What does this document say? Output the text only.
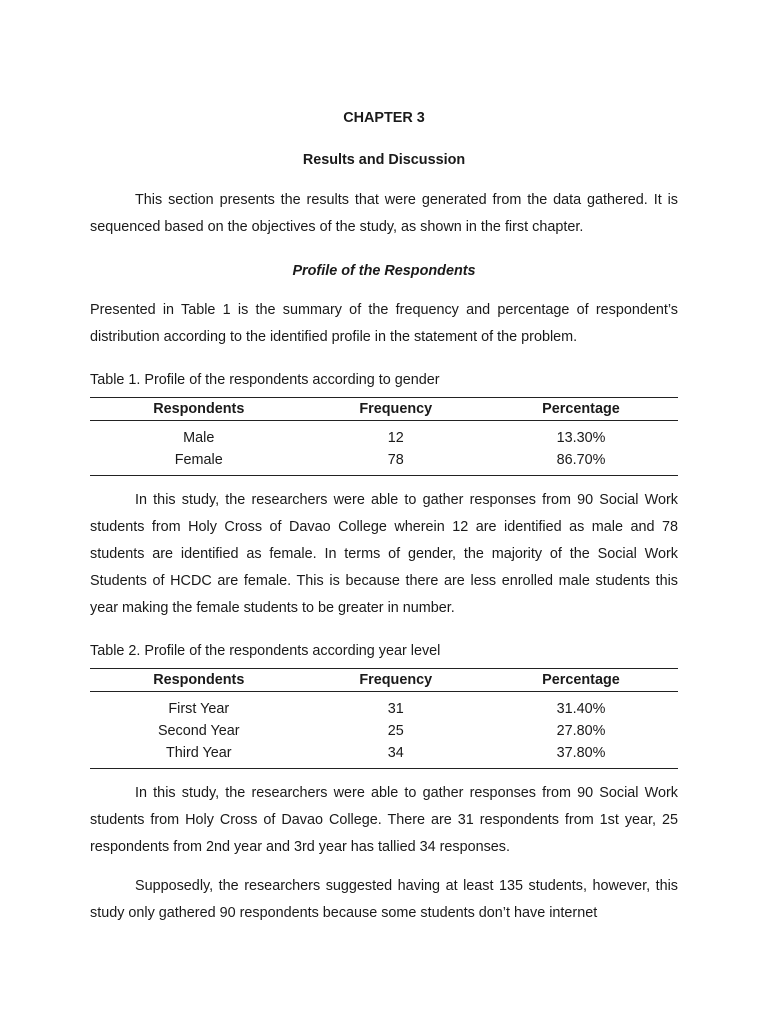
CHAPTER 3
Results and Discussion

This section presents the results that were generated from the data gathered. It is sequenced based on the objectives of the study, as shown in the first chapter.

Profile of the Respondents

Presented in Table 1 is the summary of the frequency and percentage of respondent’s distribution according to the identified profile in the statement of the problem.

Table 1. Profile of the respondents according to gender
Respondents	Frequency	Percentage
Male	12	13.30%
Female	78	86.70%

In this study, the researchers were able to gather responses from 90 Social Work students from Holy Cross of Davao College wherein 12 are identified as male and 78 students are identified as female. In terms of gender, the majority of the Social Work Students of HCDC are female. This is because there are less enrolled male students this year making the female students to be greater in number.

Table 2. Profile of the respondents according year level
Respondents	Frequency	Percentage
First Year	31	31.40%
Second Year	25	27.80%
Third Year	34	37.80%

In this study, the researchers were able to gather responses from 90 Social Work students from Holy Cross of Davao College. There are 31 respondents from 1st year, 25 respondents from 2nd year and 3rd year has tallied 34 responses.

Supposedly, the researchers suggested having at least 135 students, however, this study only gathered 90 respondents because some students don’t have internet
